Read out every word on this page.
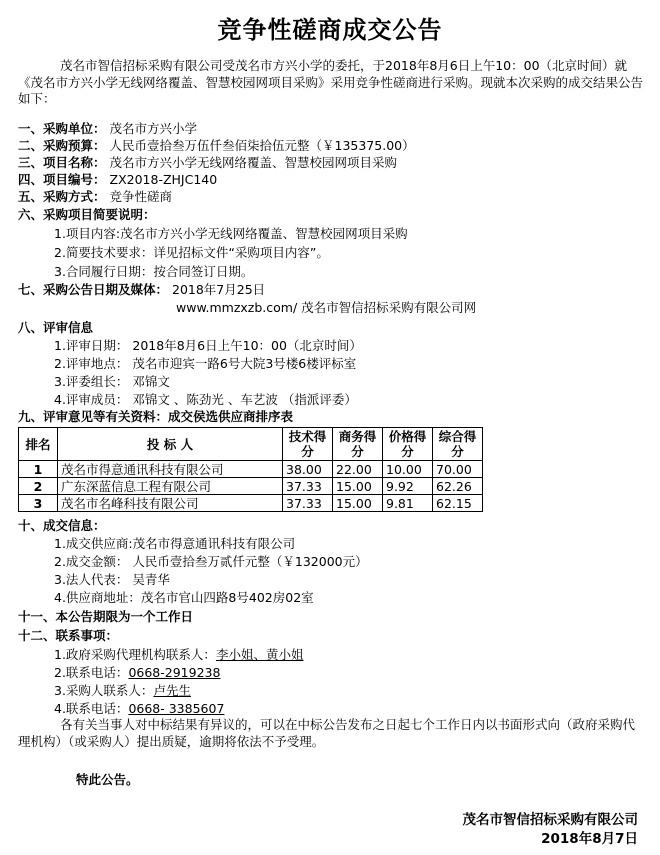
竞争性磋商成交公告

茂名市智信招标采购有限公司受茂名市方兴小学的委托，于2018年8月6日上午10：00（北京时间）就《茂名市方兴小学无线网络覆盖、智慧校园网项目采购》采用竞争性磋商进行采购。现就本次采购的成交结果公告如下：

一、采购单位： 茂名市方兴小学
二、采购预算： 人民币壹拾叁万伍仟叁佰柒拾伍元整（￥135375.00）
三、项目名称： 茂名市方兴小学无线网络覆盖、智慧校园网项目采购
四、项目编号： ZX2018-ZHJC140
五、采购方式： 竞争性磋商
六、采购项目简要说明：
1.项目内容:茂名市方兴小学无线网络覆盖、智慧校园网项目采购
2.简要技术要求：详见招标文件“采购项目内容”。
3.合同履行日期：按合同签订日期。
七、采购公告日期及媒体： 2018年7月25日
www.mmzxzb.com/ 茂名市智信招标采购有限公司网
八、评审信息
1.评审日期： 2018年8月6日上午10：00（北京时间）
2.评审地点： 茂名市迎宾一路6号大院3号楼6楼评标室
3.评委组长： 邓锦文
4.评审成员： 邓锦文 、陈劲光 、车艺波 （指派评委）
九、评审意见等有关资料：成交侯选供应商排序表
排名	投 标 人	技术得分	商务得分	价格得分	综合得分
1	茂名市得意通讯科技有限公司	38.00	22.00	10.00	70.00
2	广东深蓝信息工程有限公司	37.33	15.00	9.92	62.26
3	茂名市名峰科技有限公司	37.33	15.00	9.81	62.15
十、成交信息：
1.成交供应商:茂名市得意通讯科技有限公司
2.成交金额： 人民币壹拾叁万贰仟元整（￥132000元）
3.法人代表： 吴青华
4.供应商地址：茂名市官山四路8号402房02室
十一、本公告期限为一个工作日
十二、联系事项：
1.政府采购代理机构联系人：李小姐、黄小姐
2.联系电话：0668-2919238
3.采购人联系人：卢先生
4.联系电话：0668- 3385607

各有关当事人对中标结果有异议的，可以在中标公告发布之日起七个工作日内以书面形式向（政府采购代理机构）（或采购人）提出质疑，逾期将依法不予受理。

特此公告。
茂名市智信招标采购有限公司
2018年8月7日
